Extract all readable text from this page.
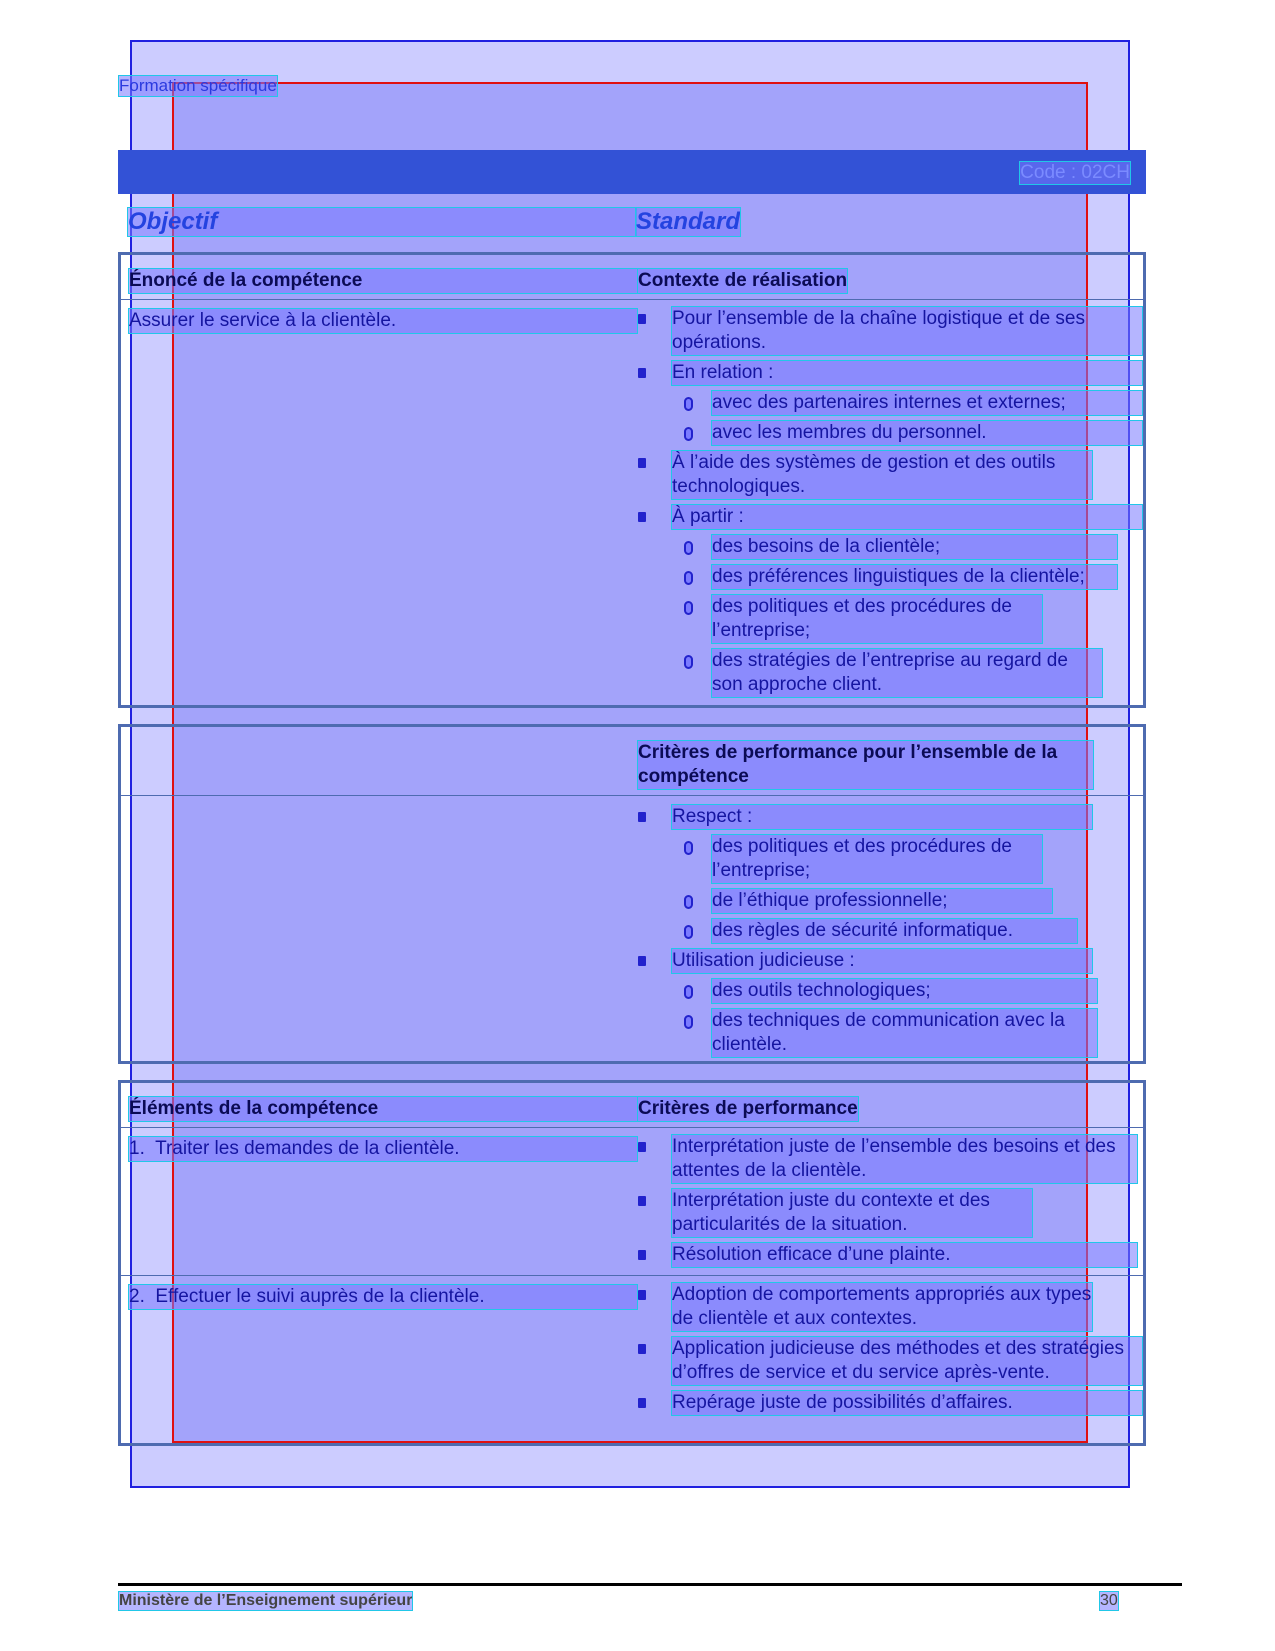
Formation spécifique
Code : 02CH
Objectif	Standard
Énoncé de la compétence	Contexte de réalisation
Assurer le service à la clientèle.	Pour l’ensemble de la chaîne logistique et de ses opérations.
En relation :
avec des partenaires internes et externes;
avec les membres du personnel.
À l’aide des systèmes de gestion et des outils technologiques.
À partir :
des besoins de la clientèle;
des préférences linguistiques de la clientèle;
des politiques et des procédures de l’entreprise;
des stratégies de l’entreprise au regard de son approche client.
Critères de performance pour l’ensemble de la compétence
Respect :
des politiques et des procédures de l’entreprise;
de l’éthique professionnelle;
des règles de sécurité informatique.
Utilisation judicieuse :
des outils technologiques;
des techniques de communication avec la clientèle.
Éléments de la compétence	Critères de performance
1. Traiter les demandes de la clientèle.	Interprétation juste de l’ensemble des besoins et des attentes de la clientèle.
Interprétation juste du contexte et des particularités de la situation.
Résolution efficace d’une plainte.
2. Effectuer le suivi auprès de la clientèle.	Adoption de comportements appropriés aux types de clientèle et aux contextes.
Application judicieuse des méthodes et des stratégies d’offres de service et du service après-vente.
Repérage juste de possibilités d’affaires.
Ministère de l’Enseignement supérieur	30
